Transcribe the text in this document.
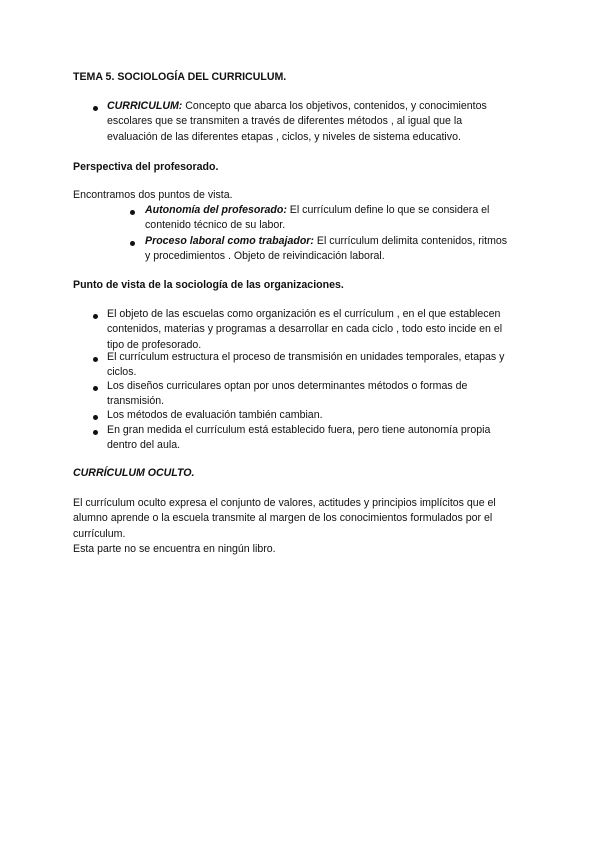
TEMA 5. SOCIOLOGÍA DEL CURRICULUM.
CURRICULUM: Concepto que abarca los objetivos, contenidos, y conocimientos
escolares que se transmiten a través de diferentes métodos , al igual que la
evaluación de las diferentes etapas , ciclos, y niveles de sistema educativo.
Perspectiva del profesorado.
Encontramos dos puntos de vista.
Autonomía del profesorado: El currículum define lo que se considera el
contenido técnico de su labor.
Proceso laboral como trabajador: El currículum delimita contenidos, ritmos
y procedimientos . Objeto de reivindicación laboral.
Punto de vista de la sociología de las organizaciones.
El objeto de las escuelas como organización es el currículum , en el que establecen
contenidos, materias y programas a desarrollar en cada ciclo , todo esto incide en el
tipo de profesorado.
El currículum estructura el proceso de transmisión en unidades temporales, etapas y
ciclos.
Los diseños curriculares optan por unos determinantes métodos o formas de
transmisión.
Los métodos de evaluación también cambian.
En gran medida el currículum está establecido fuera, pero tiene autonomía propia
dentro del aula.
CURRÍCULUM OCULTO.
El currículum oculto expresa el conjunto de valores, actitudes y principios implícitos que el
alumno aprende o la escuela transmite al margen de los conocimientos formulados por el
currículum.
Esta parte no se encuentra en ningún libro.
